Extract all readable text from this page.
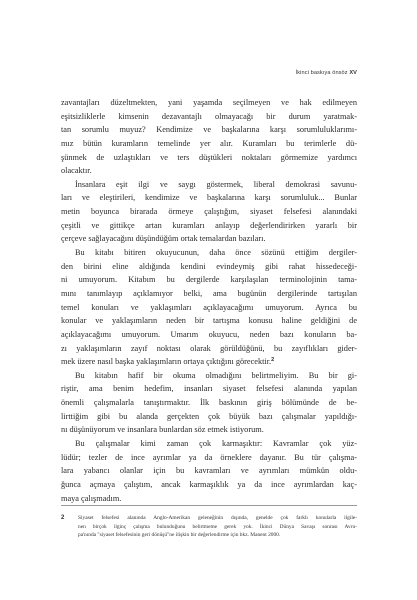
İkinci baskıya önsöz XV
zavantajları düzeltmekten, yani yaşamda seçilmeyen ve hak edilmeyen
eşitsizliklerle kimsenin dezavantajlı olmayacağı bir durum yaratmak-
tan sorumlu muyuz? Kendimize ve başkalarına karşı sorumluluklarımı-
mız bütün kuramların temelinde yer alır. Kuramları bu terimlerle dü-
şünmek de uzlaştıkları ve ters düştükleri noktaları görmemize yardımcı
olacaktır.
İnsanlara eşit ilgi ve saygı göstermek, liberal demokrasi savunu-
ları ve eleştirileri, kendimize ve başkalarına karşı sorumluluk... Bunlar
metin boyunca birarada örmeye çalıştığım, siyaset felsefesi alanındaki
çeşitli ve gittikçe artan kuramları anlayıp değerlendirirken yararlı bir
çerçeve sağlayacağını düşündüğüm ortak temalardan bazıları.
Bu kitabı bitiren okuyucunun, daha önce sözünü ettiğim dergiler-
den birini eline aldığında kendini evindeymiş gibi rahat hissedeceği-
ni umuyorum. Kitabım bu dergilerde karşılaşılan terminolojinin tama-
mını tanımlayıp açıklamıyor belki, ama bugünün dergilerinde tartışılan
temel konuları ve yaklaşımları açıklayacağımı umuyorum. Ayrıca bu
konular ve yaklaşımların neden bir tartışma konusu haline geldiğini de
açıklayacağımı umuyorum. Umarım okuyucu, neden bazı konuların ba-
zı yaklaşımların zayıf noktası olarak görüldüğünü, bu zayıflıkları gider-
mek üzere nasıl başka yaklaşımların ortaya çıktığını görecektir.$^2$
Bu kitabın hafif bir okuma olmadığını belirtmeliyim. Bu bir gi-
riştir, ama benim hedefim, insanları siyaset felsefesi alanında yapılan
önemli çalışmalarla tanıştırmaktır. İlk baskının giriş bölümünde de be-
lirttiğim gibi bu alanda gerçekten çok büyük bazı çalışmalar yapıldığı-
nı düşünüyorum ve insanlara bunlardan söz etmek istiyorum.
Bu çalışmalar kimi zaman çok karmaşıktır: Kavramlar çok yüz-
lüdür; tezler de ince ayrımlar ya da örneklere dayanır. Bu tür çalışma-
lara yabancı olanlar için bu kavramları ve ayrımları mümkün oldu-
ğunca açmaya çalıştım, ancak karmaşıklık ya da ince ayrımlardan kaç-
maya çalışmadım.
2	Siyaset felsefesi alanında Anglo-Amerikan geleneğinin dışında, genelde çok farklı konularla ilgile-
nen birçok ilginç çalışma bulunduğunu belirtmeme gerek yok. İkinci Dünya Savaşı sonrası Avru-
pa'nında "siyaset felsefesinin geri dönüşü"ne ilişkin bir değerlendirme için bkz. Manent 2000.
